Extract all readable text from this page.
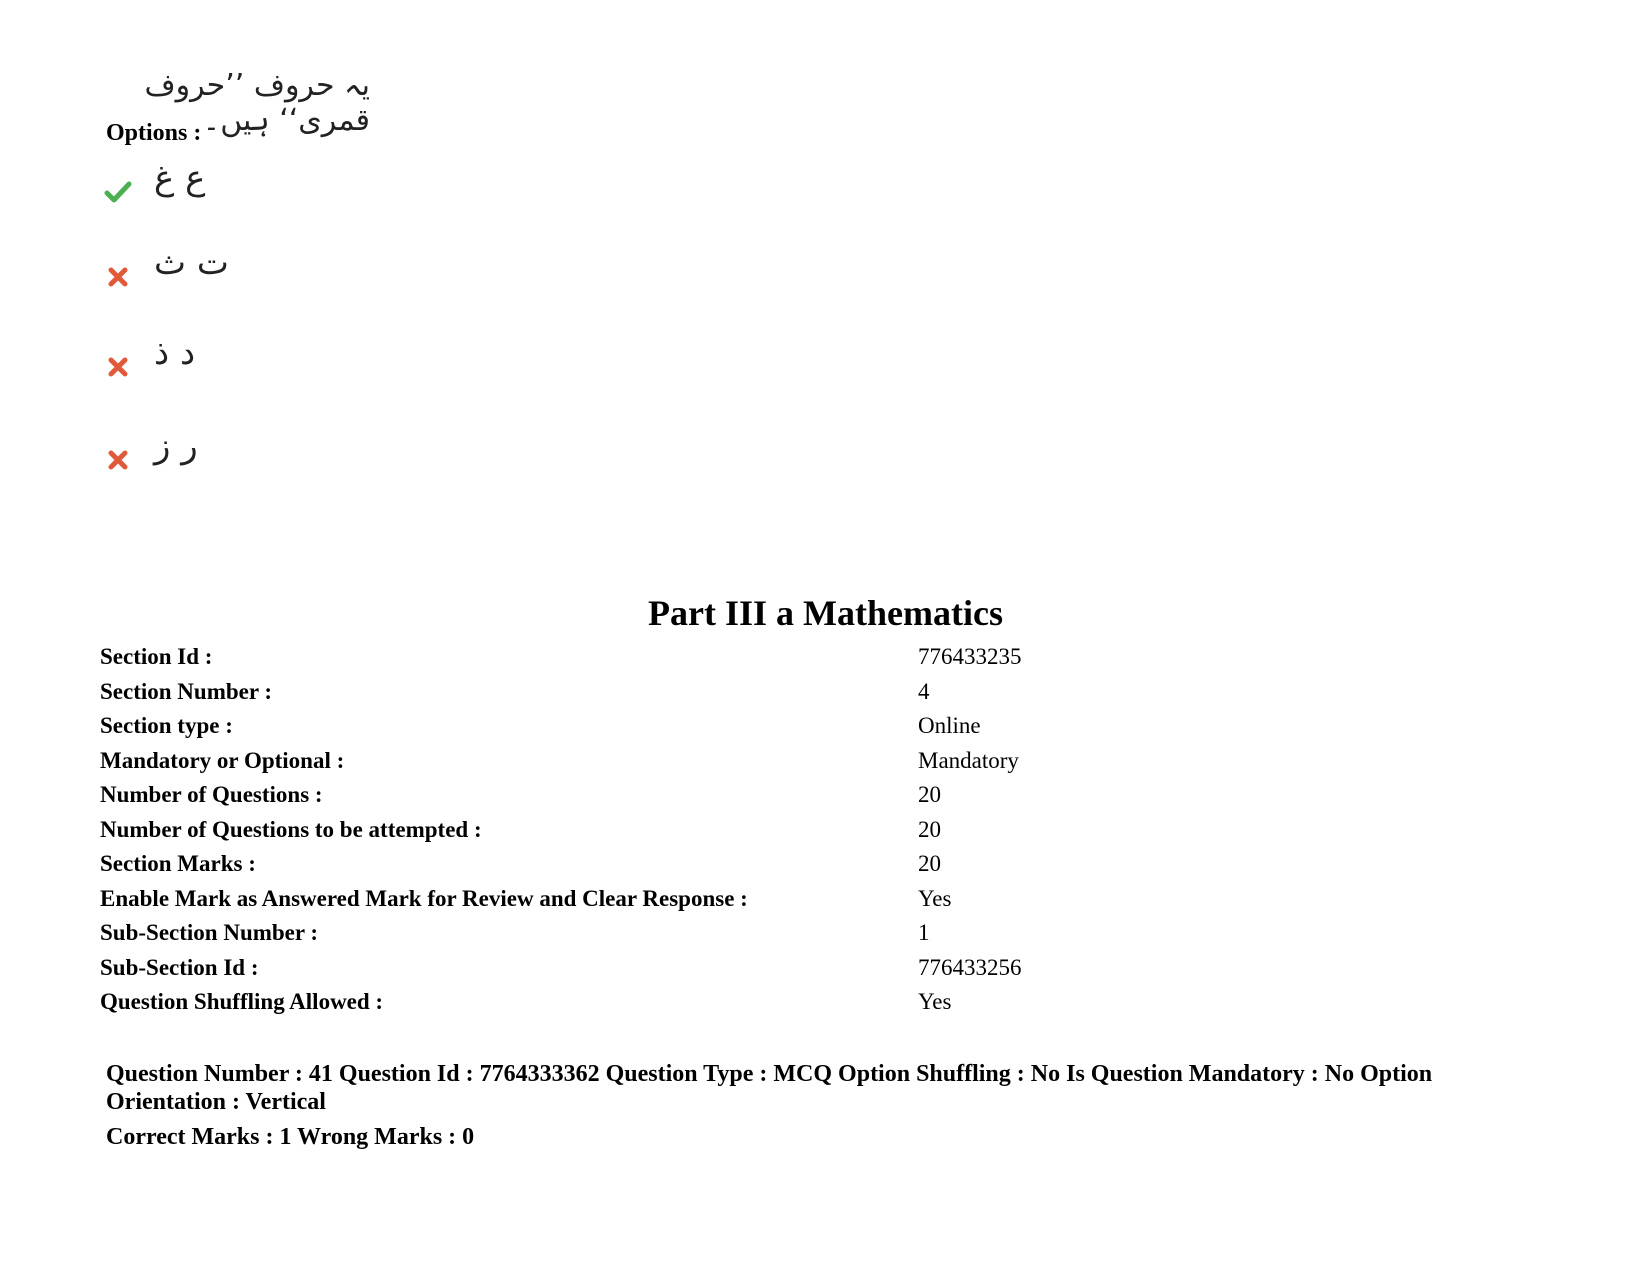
یہ حروف ’’حروف قمری‘‘ ہیں۔
Options :
ع غ
ت ث
د ذ
ر ز
Part III a Mathematics
Section Id :	776433235
Section Number :	4
Section type :	Online
Mandatory or Optional :	Mandatory
Number of Questions :	20
Number of Questions to be attempted :	20
Section Marks :	20
Enable Mark as Answered Mark for Review and Clear Response :	Yes
Sub-Section Number :	1
Sub-Section Id :	776433256
Question Shuffling Allowed :	Yes
Question Number : 41 Question Id : 7764333362 Question Type : MCQ Option Shuffling : No Is Question Mandatory : No Option Orientation : Vertical
Correct Marks : 1 Wrong Marks : 0
